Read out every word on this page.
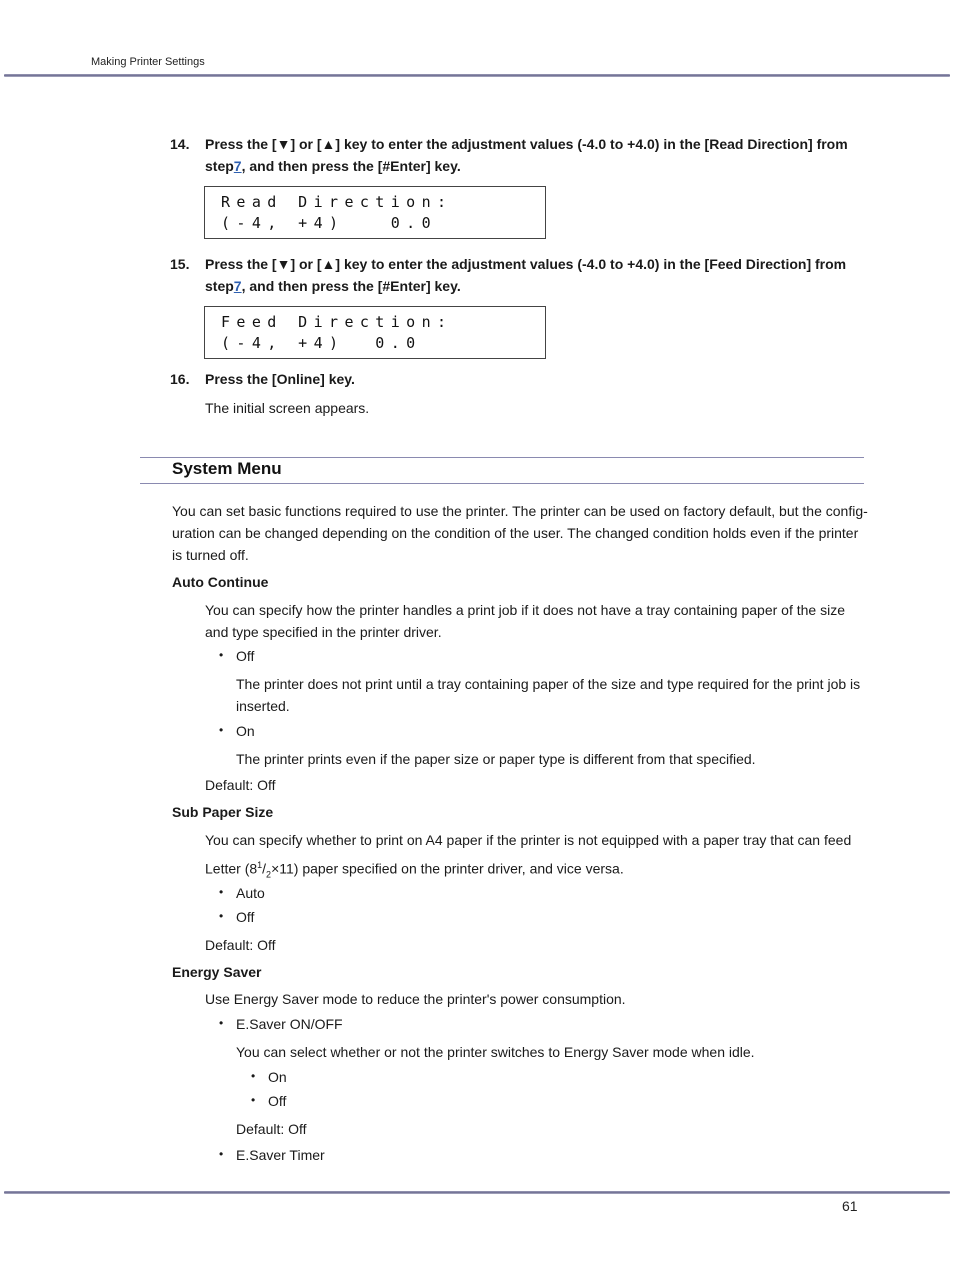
Making Printer Settings
14. Press the [▼] or [▲] key to enter the adjustment values (-4.0 to +4.0) in the [Read Direction] from
step7, and then press the [#Enter] key.
Read Direction:
(-4, +4)   0.0
15. Press the [▼] or [▲] key to enter the adjustment values (-4.0 to +4.0) in the [Feed Direction] from
step7, and then press the [#Enter] key.
Feed Direction:
(-4, +4)  0.0
16. Press the [Online] key.
The initial screen appears.
System Menu
You can set basic functions required to use the printer. The printer can be used on factory default, but the config-
uration can be changed depending on the condition of the user. The changed condition holds even if the printer
is turned off.
Auto Continue
You can specify how the printer handles a print job if it does not have a tray containing paper of the size
and type specified in the printer driver.
• Off
The printer does not print until a tray containing paper of the size and type required for the print job is
inserted.
• On
The printer prints even if the paper size or paper type is different from that specified.
Default: Off
Sub Paper Size
You can specify whether to print on A4 paper if the printer is not equipped with a paper tray that can feed
Letter $(8^1/_2\times 11)$ paper specified on the printer driver, and vice versa.
• Auto
• Off
Default: Off
Energy Saver
Use Energy Saver mode to reduce the printer's power consumption.
• E.Saver ON/OFF
You can select whether or not the printer switches to Energy Saver mode when idle.
• On
• Off
Default: Off
• E.Saver Timer
61
